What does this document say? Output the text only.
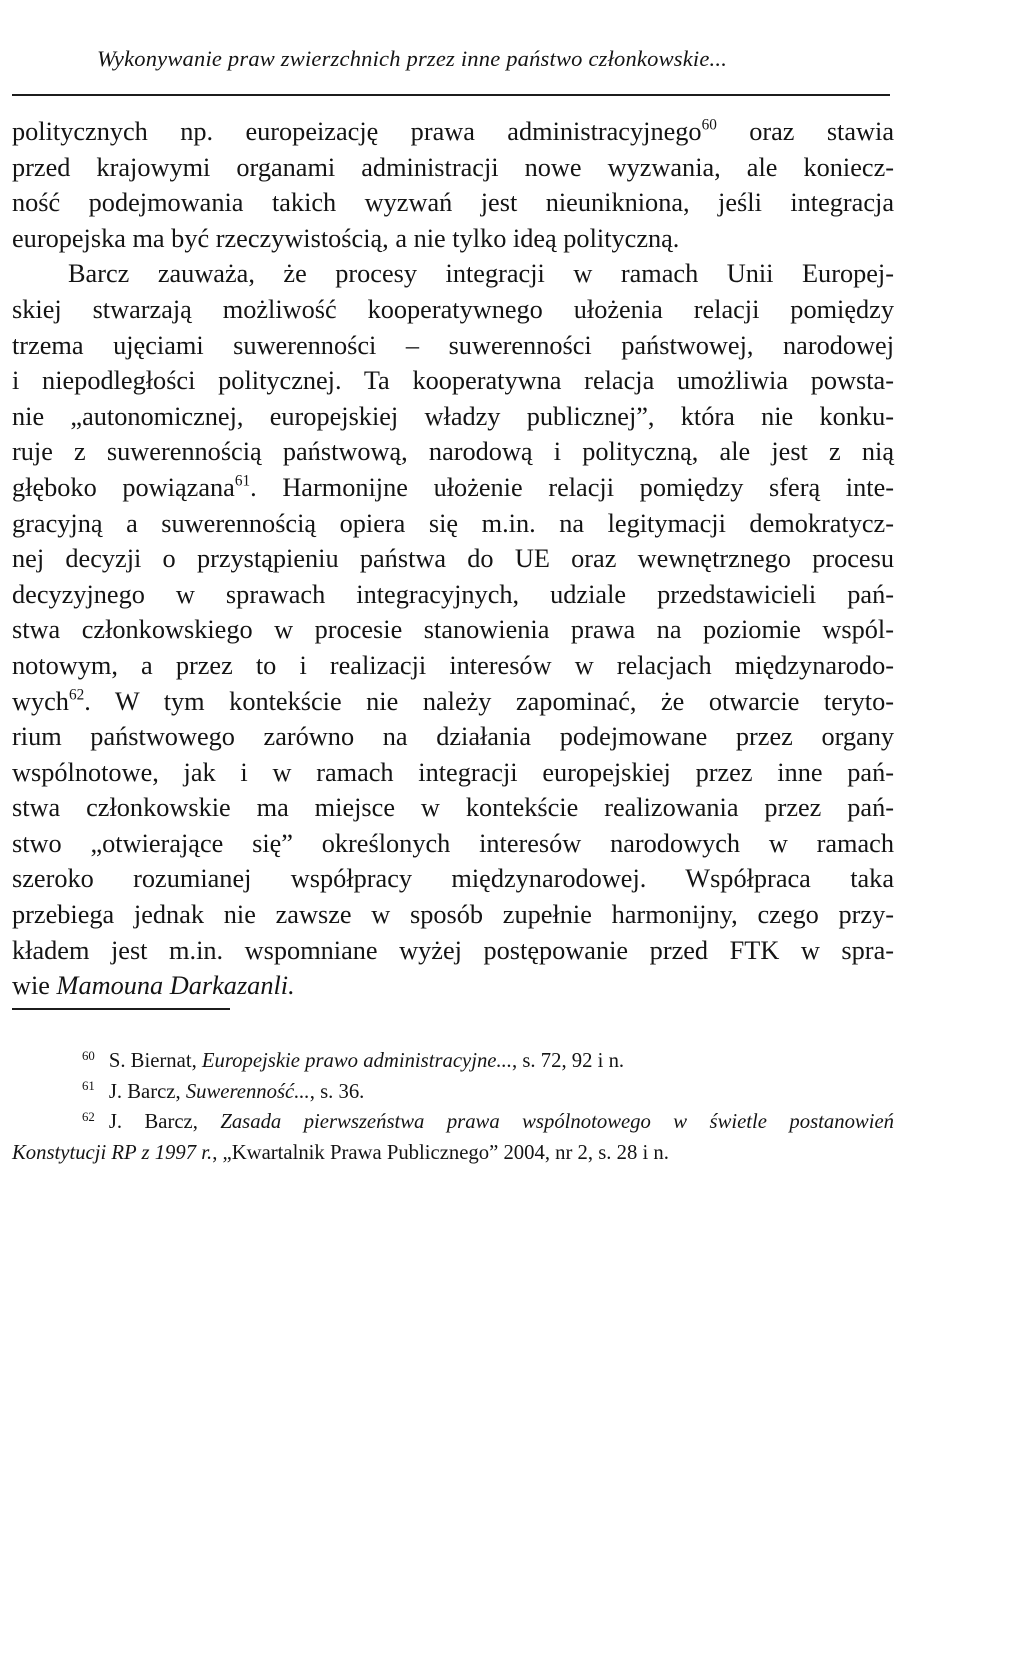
Wykonywanie praw zwierzchnich przez inne państwo członkowskie...
politycznych np. europeizację prawa administracyjnego$^{60}$ oraz stawia
przed krajowymi organami administracji nowe wyzwania, ale koniecz-
ność podejmowania takich wyzwań jest nieunikniona, jeśli integracja
europejska ma być rzeczywistością, a nie tylko ideą polityczną.
Barcz zauważa, że procesy integracji w ramach Unii Europej-
skiej stwarzają możliwość kooperatywnego ułożenia relacji pomiędzy
trzema ujęciami suwerenności – suwerenności państwowej, narodowej
i niepodległości politycznej. Ta kooperatywna relacja umożliwia powsta-
nie „autonomicznej, europejskiej władzy publicznej”, która nie konku-
ruje z suwerennością państwową, narodową i polityczną, ale jest z nią
głęboko powiązana$^{61}$. Harmonijne ułożenie relacji pomiędzy sferą inte-
gracyjną a suwerennością opiera się m.in. na legitymacji demokratycz-
nej decyzji o przystąpieniu państwa do UE oraz wewnętrznego procesu
decyzyjnego w sprawach integracyjnych, udziale przedstawicieli pań-
stwa członkowskiego w procesie stanowienia prawa na poziomie wspól-
notowym, a przez to i realizacji interesów w relacjach międzynarodo-
wych$^{62}$. W tym kontekście nie należy zapominać, że otwarcie teryto-
rium państwowego zarówno na działania podejmowane przez organy
wspólnotowe, jak i w ramach integracji europejskiej przez inne pań-
stwa członkowskie ma miejsce w kontekście realizowania przez pań-
stwo „otwierające się” określonych interesów narodowych w ramach
szeroko rozumianej współpracy międzynarodowej. Współpraca taka
przebiega jednak nie zawsze w sposób zupełnie harmonijny, czego przy-
kładem jest m.in. wspomniane wyżej postępowanie przed FTK w spra-
wie Mamouna Darkazanli.
$^{60}$ S. Biernat, Europejskie prawo administracyjne..., s. 72, 92 i n.
$^{61}$ J. Barcz, Suwerenność..., s. 36.
$^{62}$ J. Barcz, Zasada pierwszeństwa prawa wspólnotowego w świetle postanowień
Konstytucji RP z 1997 r., „Kwartalnik Prawa Publicznego” 2004, nr 2, s. 28 i n.
